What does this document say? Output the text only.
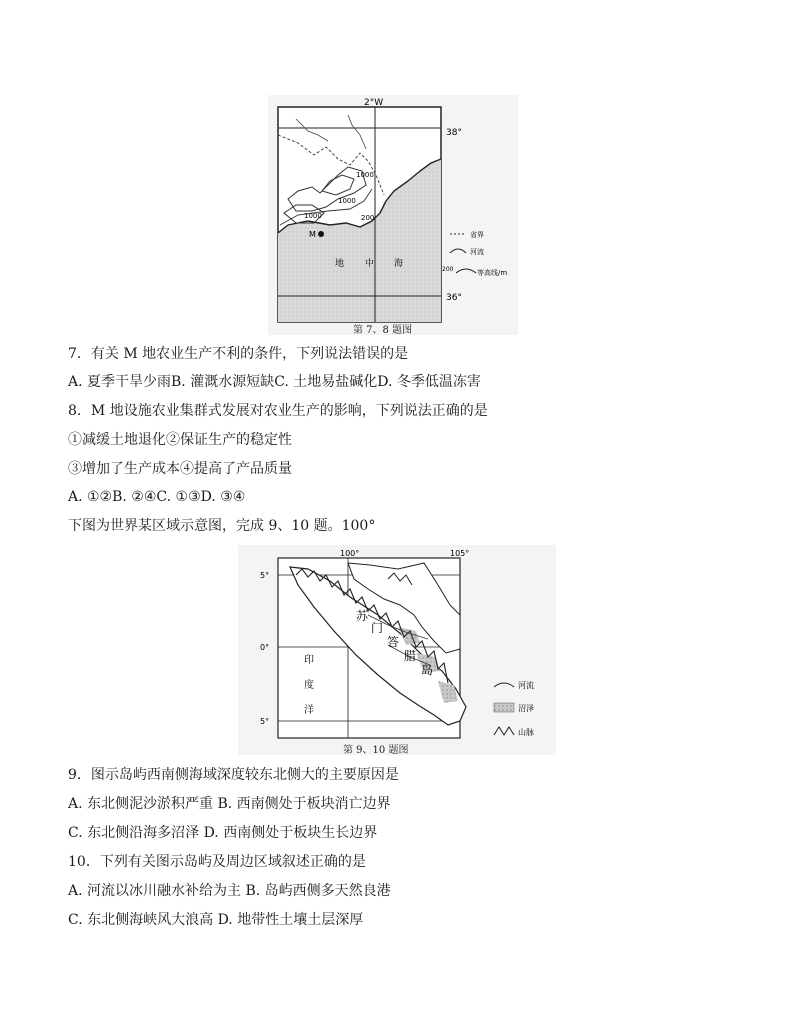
1000
1000
1000	200
M
地 中 海
2°W
38°
36°
省界
河流
200	等高线/m
第 7、8 题图
7．有关 M 地农业生产不利的条件，下列说法错误的是
A. 夏季干旱少雨B. 灌溉水源短缺C. 土地易盐碱化D. 冬季低温冻害
8．M 地设施农业集群式发展对农业生产的影响，下列说法正确的是
①减缓土地退化②保证生产的稳定性
③增加了生产成本④提高了产品质量
A. ①②B. ②④C. ①③D. ③④
下图为世界某区域示意图，完成 9、10 题。100°
苏
门
答
腊
岛
印
度
洋
100°	105°
5°
0°
5°
河流
沼泽
山脉
第 9、10 题图
9．图示岛屿西南侧海域深度较东北侧大的主要原因是
A. 东北侧泥沙淤积严重 B. 西南侧处于板块消亡边界
C. 东北侧沿海多沼泽 D. 西南侧处于板块生长边界
10．下列有关图示岛屿及周边区域叙述正确的是
A. 河流以冰川融水补给为主 B. 岛屿西侧多天然良港
C. 东北侧海峡风大浪高 D. 地带性土壤土层深厚
